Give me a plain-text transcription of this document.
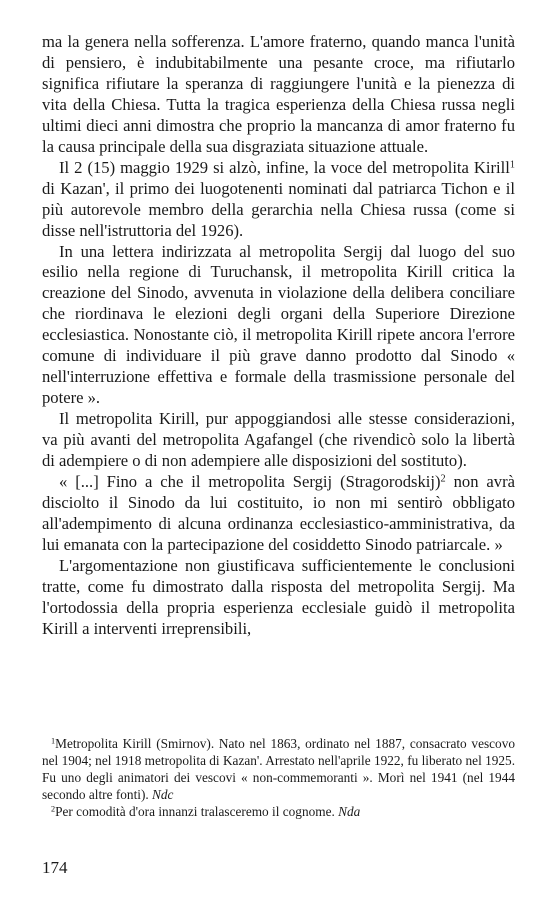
ma la genera nella sofferenza. L'amore fraterno, quando manca l'unità di pensiero, è indubitabilmente una pesante croce, ma rifiutarlo significa rifiutare la speranza di raggiungere l'unità e la pienezza di vita della Chiesa. Tutta la tragica esperienza della Chiesa russa negli ultimi dieci anni dimostra che proprio la mancanza di amor fraterno fu la causa principale della sua disgraziata situazione attuale.

Il 2 (15) maggio 1929 si alzò, infine, la voce del metropolita Kirill$^1$ di Kazan', il primo dei luogotenenti nominati dal patriarca Tichon e il più autorevole membro della gerarchia nella Chiesa russa (come si disse nell'istruttoria del 1926).

In una lettera indirizzata al metropolita Sergij dal luogo del suo esilio nella regione di Turuchansk, il metropolita Kirill critica la creazione del Sinodo, avvenuta in violazione della delibera conciliare che riordinava le elezioni degli organi della Superiore Direzione ecclesiastica. Nonostante ciò, il metropolita Kirill ripete ancora l'errore comune di individuare il più grave danno prodotto dal Sinodo « nell'interruzione effettiva e formale della trasmissione personale del potere ».

Il metropolita Kirill, pur appoggiandosi alle stesse considerazioni, va più avanti del metropolita Agafangel (che rivendicò solo la libertà di adempiere o di non adempiere alle disposizioni del sostituto).

« [...] Fino a che il metropolita Sergij (Stragorodskij)$^2$ non avrà disciolto il Sinodo da lui costituito, io non mi sentirò obbligato all'adempimento di alcuna ordinanza ecclesiastico-amministrativa, da lui emanata con la partecipazione del cosiddetto Sinodo patriarcale. »

L'argomentazione non giustificava sufficientemente le conclusioni tratte, come fu dimostrato dalla risposta del metropolita Sergij. Ma l'ortodossia della propria esperienza ecclesiale guidò il metropolita Kirill a interventi irreprensibili,

$^1$Metropolita Kirill (Smirnov). Nato nel 1863, ordinato nel 1887, consacrato vescovo nel 1904; nel 1918 metropolita di Kazan'. Arrestato nell'aprile 1922, fu liberato nel 1925. Fu uno degli animatori dei vescovi « non-commemoranti ». Morì nel 1941 (nel 1944 secondo altre fonti). Ndc

$^2$Per comodità d'ora innanzi tralasceremo il cognome. Nda

174
